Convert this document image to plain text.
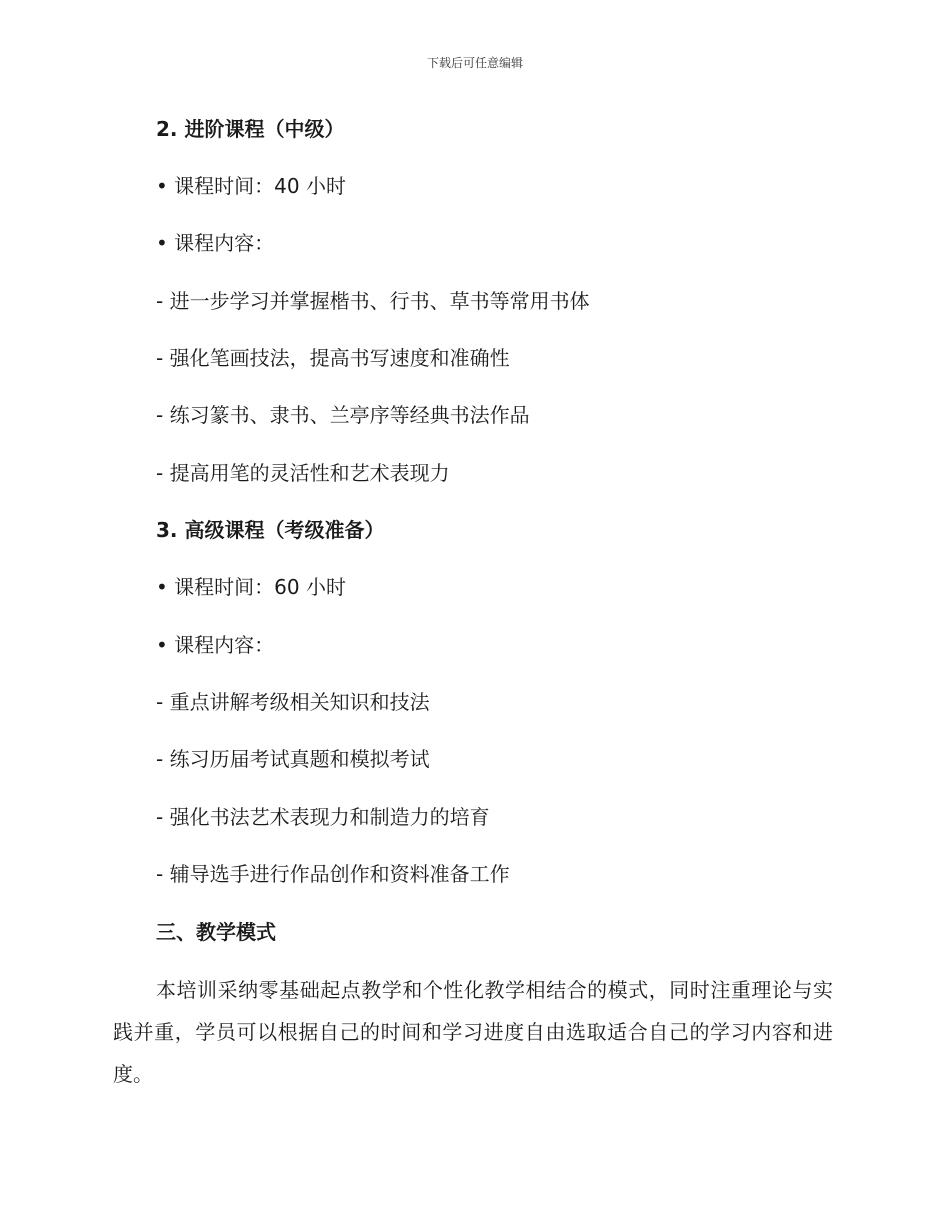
下载后可任意编辑
2. 进阶课程（中级）
• 课程时间：40 小时
• 课程内容：
- 进一步学习并掌握楷书、行书、草书等常用书体
- 强化笔画技法，提高书写速度和准确性
- 练习篆书、隶书、兰亭序等经典书法作品
- 提高用笔的灵活性和艺术表现力
3. 高级课程（考级准备）
• 课程时间：60 小时
• 课程内容：
- 重点讲解考级相关知识和技法
- 练习历届考试真题和模拟考试
- 强化书法艺术表现力和制造力的培育
- 辅导选手进行作品创作和资料准备工作
三、教学模式
本培训采纳零基础起点教学和个性化教学相结合的模式，同时注重理论与实践并重，学员可以根据自己的时间和学习进度自由选取适合自己的学习内容和进度。
